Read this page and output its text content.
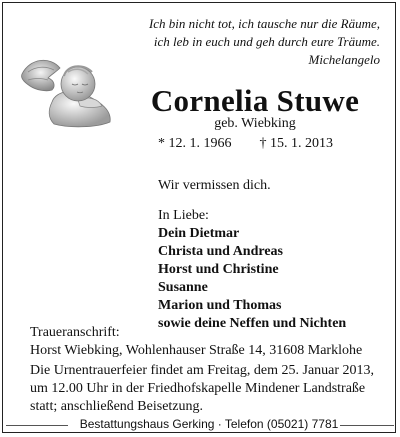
Ich bin nicht tot, ich tausche nur die Räume,
ich leb in euch und geh durch eure Träume.
Michelangelo
Cornelia Stuwe
geb. Wiebking
* 12. 1. 1966 † 15. 1. 2013
Wir vermissen dich.
In Liebe:
Dein Dietmar
Christa und Andreas
Horst und Christine
Susanne
Marion und Thomas
sowie deine Neffen und Nichten
Traueranschrift:
Horst Wiebking, Wohlenhauser Straße 14, 31608 Marklohe
Die Urnentrauerfeier findet am Freitag, dem 25. Januar 2013,
um 12.00 Uhr in der Friedhofskapelle Mindener Landstraße
statt; anschließend Beisetzung.
Bestattungshaus Gerking · Telefon (05021) 7781
